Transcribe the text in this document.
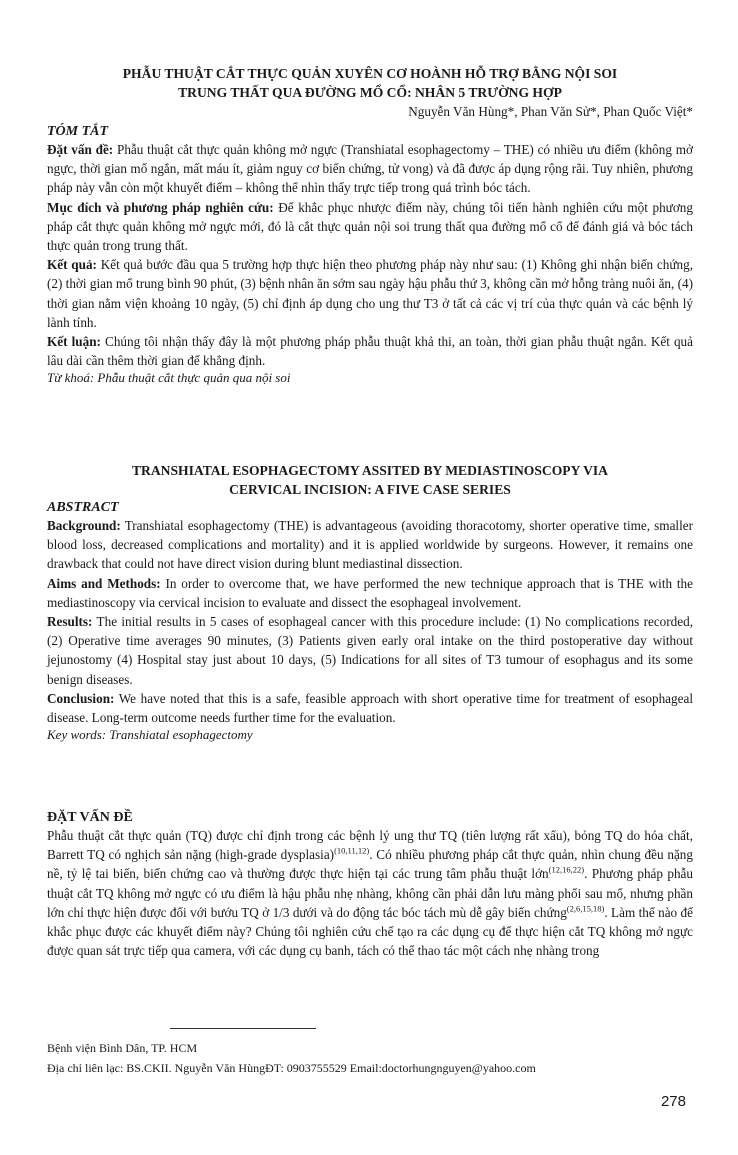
PHẪU THUẬT CẮT THỰC QUẢN XUYÊN CƠ HOÀNH HỖ TRỢ BẰNG NỘI SOI
TRUNG THẤT QUA ĐƯỜNG MỔ CỔ: NHÂN 5 TRƯỜNG HỢP
Nguyễn Văn Hùng*, Phan Văn Sử*, Phan Quốc Việt*
TÓM TẮT

Đặt vấn đề: Phẫu thuật cắt thực quản không mở ngực (Transhiatal esophagectomy – THE) có nhiều ưu điểm (không mở ngực, thời gian mổ ngắn, mất máu ít, giảm nguy cơ biến chứng, tử vong) và đã được áp dụng rộng rãi. Tuy nhiên, phương pháp này vẫn còn một khuyết điểm – không thể nhìn thấy trực tiếp trong quá trình bóc tách.

Mục đích và phương pháp nghiên cứu: Để khắc phục nhược điểm này, chúng tôi tiến hành nghiên cứu một phương pháp cắt thực quản không mở ngực mới, đó là cắt thực quản nội soi trung thất qua đường mổ cổ để đánh giá và bóc tách thực quản trong trung thất.

Kết quả: Kết quả bước đầu qua 5 trường hợp thực hiện theo phương pháp này như sau: (1) Không ghi nhận biến chứng, (2) thời gian mổ trung bình 90 phút, (3) bệnh nhân ăn sớm sau ngày hậu phẫu thứ 3, không cần mở hỗng tràng nuôi ăn, (4) thời gian nằm viện khoảng 10 ngày, (5) chỉ định áp dụng cho ung thư T3 ở tất cả các vị trí của thực quản và các bệnh lý lành tính.

Kết luận: Chúng tôi nhận thấy đây là một phương pháp phẫu thuật khả thi, an toàn, thời gian phẫu thuật ngắn. Kết quả lâu dài cần thêm thời gian để khẳng định.

Từ khoá: Phẫu thuật cắt thực quản qua nội soi
TRANSHIATAL ESOPHAGECTOMY ASSITED BY MEDIASTINOSCOPY VIA
CERVICAL INCISION: A FIVE CASE SERIES
ABSTRACT

Background: Transhiatal esophagectomy (THE) is advantageous (avoiding thoracotomy, shorter operative time, smaller blood loss, decreased complications and mortality) and it is applied worldwide by surgeons. However, it remains one drawback that could not have direct vision during blunt mediastinal dissection.

Aims and Methods: In order to overcome that, we have performed the new technique approach that is THE with the mediastinoscopy via cervical incision to evaluate and dissect the esophageal involvement.

Results: The initial results in 5 cases of esophageal cancer with this procedure include: (1) No complications recorded, (2) Operative time averages 90 minutes, (3) Patients given early oral intake on the third postoperative day without jejunostomy (4) Hospital stay just about 10 days, (5) Indications for all sites of T3 tumour of esophagus and its some benign diseases.

Conclusion: We have noted that this is a safe, feasible approach with short operative time for treatment of esophageal disease. Long-term outcome needs further time for the evaluation.

Key words: Transhiatal esophagectomy
ĐẶT VẤN ĐỀ

Phẫu thuật cắt thực quản (TQ) được chỉ định trong các bệnh lý ung thư TQ (tiên lượng rất xấu), bỏng TQ do hóa chất, Barrett TQ có nghịch sản nặng (high-grade dysplasia)$^{(10,11,12)}$. Có nhiều phương pháp cắt thực quản, nhìn chung đều nặng nề, tỷ lệ tai biến, biến chứng cao và thường được thực hiện tại các trung tâm phẫu thuật lớn$^{(12,16,22)}$. Phương pháp phẫu thuật cắt TQ không mở ngực có ưu điểm là hậu phẫu nhẹ nhàng, không cần phải dẫn lưu màng phổi sau mổ, nhưng phần lớn chỉ thực hiện được đối với bướu TQ ở 1/3 dưới và do động tác bóc tách mù dễ gây biến chứng$^{(2,6,15,18)}$. Làm thế nào để khắc phục được các khuyết điểm này? Chúng tôi nghiên cứu chế tạo ra các dụng cụ để thực hiện cắt TQ không mở ngực được quan sát trực tiếp qua camera, với các dụng cụ banh, tách có thể thao tác một cách nhẹ nhàng trong

Bệnh viện Bình Dân, TP. HCM
Địa chỉ liên lạc: BS.CKII. Nguyễn Văn HùngĐT: 0903755529 Email:doctorhungnguyen@yahoo.com
278
